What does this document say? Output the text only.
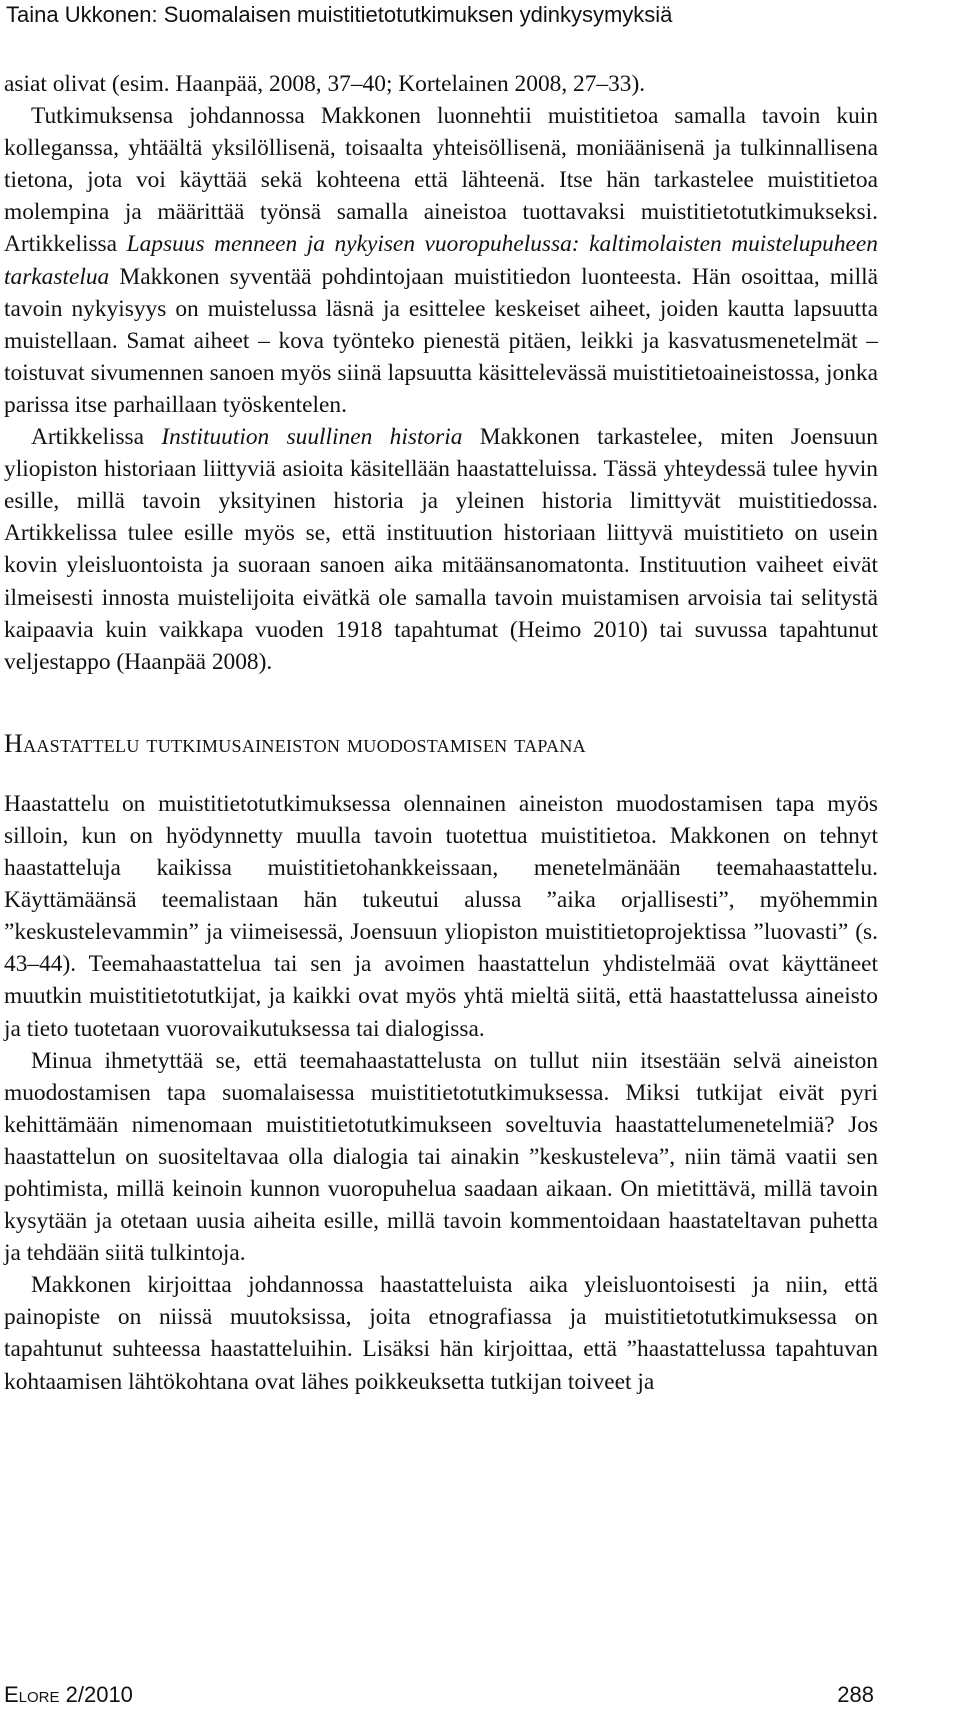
Taina Ukkonen: Suomalaisen muistitietotutkimuksen ydinkysymyksiä

asiat olivat (esim. Haanpää, 2008, 37–40; Kortelainen 2008, 27–33).

Tutkimuksensa johdannossa Makkonen luonnehtii muistitietoa samalla tavoin kuin kolleganssa, yhtäältä yksilöllisenä, toisaalta yhteisöllisenä, moniäänisenä ja tulkinnallisena tietona, jota voi käyttää sekä kohteena että lähteenä. Itse hän tarkastelee muistitietoa molempina ja määrittää työnsä samalla aineistoa tuottavaksi muistitietotutkimukseksi. Artikkelissa Lapsuus menneen ja nykyisen vuoropuhelussa: kaltimolaisten muistelupuheen tarkastelua Makkonen syventää pohdintojaan muistitiedon luonteesta. Hän osoittaa, millä tavoin nykyisyys on muistelussa läsnä ja esittelee keskeiset aiheet, joiden kautta lapsuutta muistellaan. Samat aiheet – kova työnteko pienestä pitäen, leikki ja kasvatusmenetelmät – toistuvat sivumennen sanoen myös siinä lapsuutta käsittelevässä muistitietoaineistossa, jonka parissa itse parhaillaan työskentelen.

Artikkelissa Instituution suullinen historia Makkonen tarkastelee, miten Joensuun yliopiston historiaan liittyviä asioita käsitellään haastatteluissa. Tässä yhteydessä tulee hyvin esille, millä tavoin yksityinen historia ja yleinen historia limittyvät muistitiedossa. Artikkelissa tulee esille myös se, että instituution historiaan liittyvä muistitieto on usein kovin yleisluontoista ja suoraan sanoen aika mitäänsanomatonta. Instituution vaiheet eivät ilmeisesti innosta muistelijoita eivätkä ole samalla tavoin muistamisen arvoisia tai selitystä kaipaavia kuin vaikkapa vuoden 1918 tapahtumat (Heimo 2010) tai suvussa tapahtunut veljestappo (Haanpää 2008).

Haastattelu tutkimusaineiston muodostamisen tapana

Haastattelu on muistitietotutkimuksessa olennainen aineiston muodostamisen tapa myös silloin, kun on hyödynnetty muulla tavoin tuotettua muistitietoa. Makkonen on tehnyt haastatteluja kaikissa muistitietohankkeissaan, menetelmänään teemahaastattelu. Käyttämäänsä teemalistaan hän tukeutui alussa ”aika orjallisesti”, myöhemmin ”keskustelevammin” ja viimeisessä, Joensuun yliopiston muistitietoprojektissa ”luovasti” (s. 43–44). Teemahaastattelua tai sen ja avoimen haastattelun yhdistelmää ovat käyttäneet muutkin muistitietotutkijat, ja kaikki ovat myös yhtä mieltä siitä, että haastattelussa aineisto ja tieto tuotetaan vuorovaikutuksessa tai dialogissa.

Minua ihmetyttää se, että teemahaastattelusta on tullut niin itsestään selvä aineiston muodostamisen tapa suomalaisessa muistitietotutkimuksessa. Miksi tutkijat eivät pyri kehittämään nimenomaan muistitietotutkimukseen soveltuvia haastattelumenetelmiä? Jos haastattelun on suositeltavaa olla dialogia tai ainakin ”keskusteleva”, niin tämä vaatii sen pohtimista, millä keinoin kunnon vuoropuhelua saadaan aikaan. On mietittävä, millä tavoin kysytään ja otetaan uusia aiheita esille, millä tavoin kommentoidaan haastateltavan puhetta ja tehdään siitä tulkintoja.

Makkonen kirjoittaa johdannossa haastatteluista aika yleisluontoisesti ja niin, että painopiste on niissä muutoksissa, joita etnografiassa ja muistitietotutkimuksessa on tapahtunut suhteessa haastatteluihin. Lisäksi hän kirjoittaa, että ”haastattelussa tapahtuvan kohtaamisen lähtökohtana ovat lähes poikkeuksetta tutkijan toiveet ja

Elore 2/2010	288
